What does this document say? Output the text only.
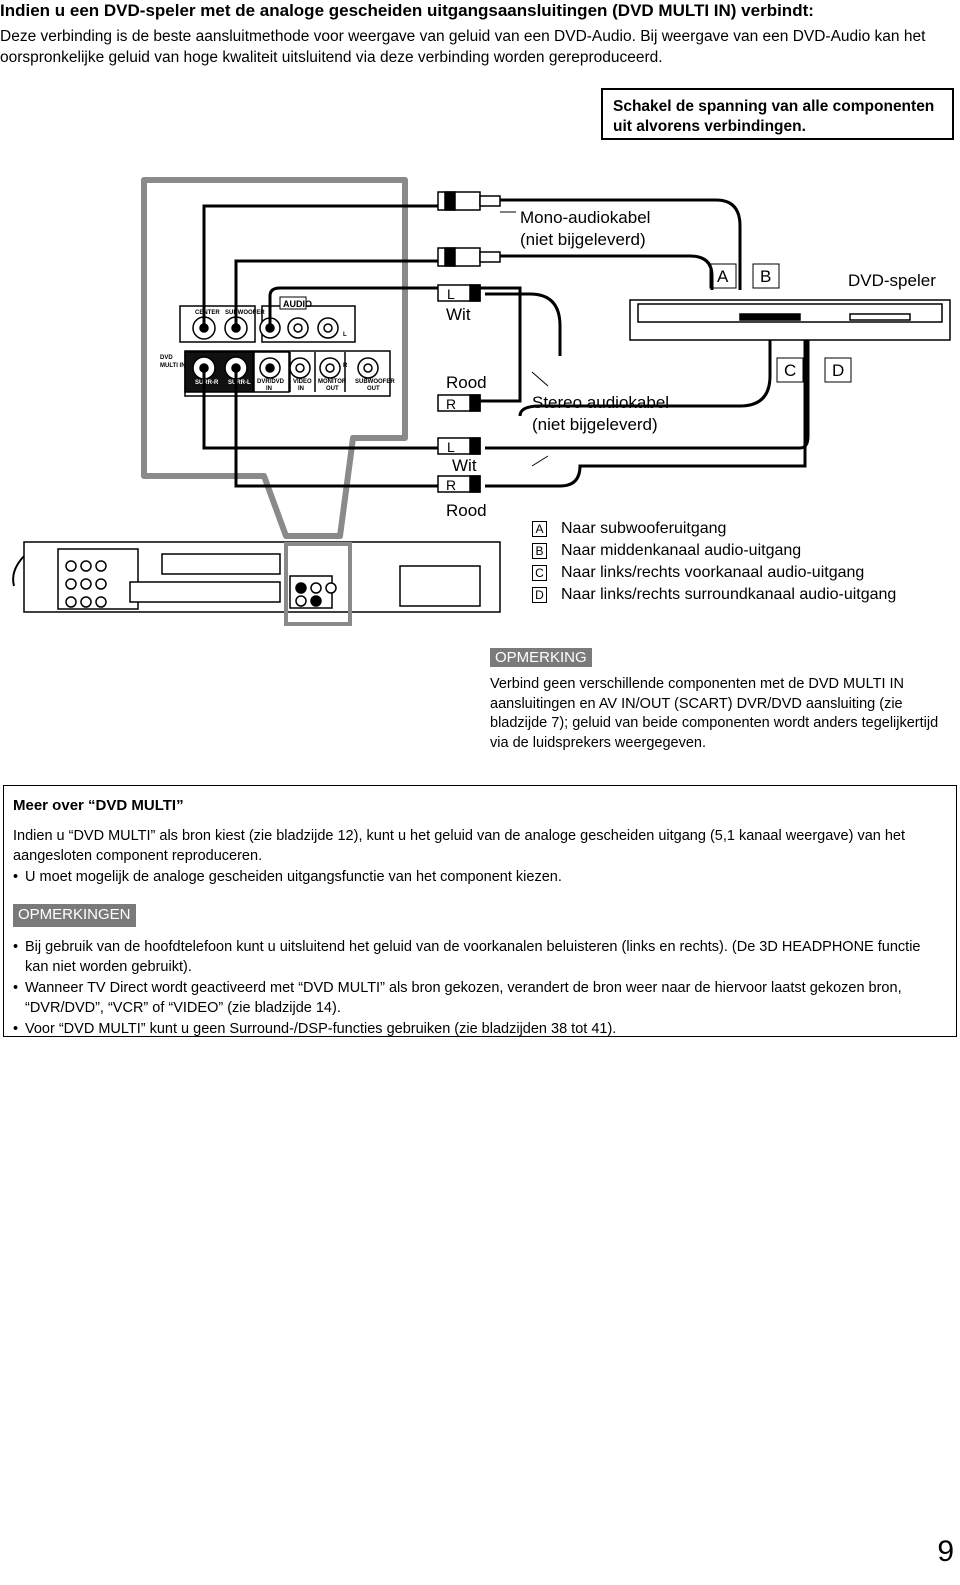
Indien u een DVD-speler met de analoge gescheiden uitgangsaansluitingen (DVD MULTI IN) verbindt:
Deze verbinding is de beste aansluitmethode voor weergave van geluid van een DVD-Audio. Bij weergave van een DVD-Audio kan het oorspronkelijke geluid van hoge kwaliteit uitsluitend via deze verbinding worden gereproduceerd.
Schakel de spanning van alle componenten uit alvorens verbindingen.
CENTER SUBWOOFER
DVD
MULTI IN
SURR-R SURR-L DVR/DVD
IN
VIDEO
IN
MONITOR
OUT
SUBWOOFER
OUT
L
R
AUDIO
L
R
L
R
Wit
Rood
Wit
Rood
Mono-audiokabel
(niet bijgeleverd)
Stereo audiokabel
(niet bijgeleverd)
DVD-speler
A B
C D
A Naar subwooferuitgang
B Naar middenkanaal audio-uitgang
C Naar links/rechts voorkanaal audio-uitgang
D Naar links/rechts surroundkanaal audio-uitgang
OPMERKING
Verbind geen verschillende componenten met de DVD MULTI IN aansluitingen en AV IN/OUT (SCART) DVR/DVD aansluiting (zie bladzijde 7); geluid van beide componenten wordt anders tegelijkertijd via de luidsprekers weergegeven.
Meer over “DVD MULTI”
Indien u “DVD MULTI” als bron kiest (zie bladzijde 12), kunt u het geluid van de analoge gescheiden uitgang (5,1 kanaal weergave) van het aangesloten component reproduceren.
• U moet mogelijk de analoge gescheiden uitgangsfunctie van het component kiezen.
OPMERKINGEN
• Bij gebruik van de hoofdtelefoon kunt u uitsluitend het geluid van de voorkanalen beluisteren (links en rechts). (De 3D HEADPHONE functie kan niet worden gebruikt).
• Wanneer TV Direct wordt geactiveerd met “DVD MULTI” als bron gekozen, verandert de bron weer naar de hiervoor laatst gekozen bron, “DVR/DVD”, “VCR” of “VIDEO” (zie bladzijde 14).
• Voor “DVD MULTI” kunt u geen Surround-/DSP-functies gebruiken (zie bladzijden 38 tot 41).
9
